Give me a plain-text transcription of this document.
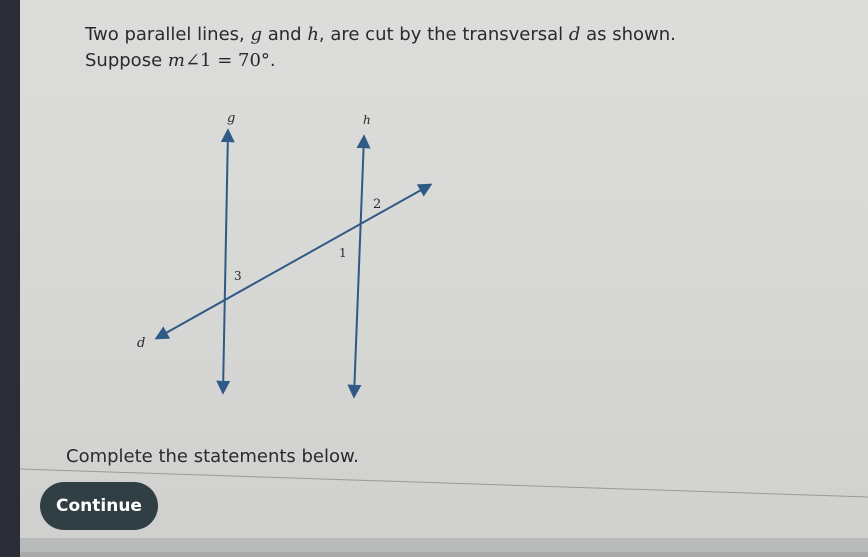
Two parallel lines, g and h, are cut by the transversal d as shown.
Suppose m∠1 = 70°.
g	h
d
1
2
3
Complete the statements below.
Continue
